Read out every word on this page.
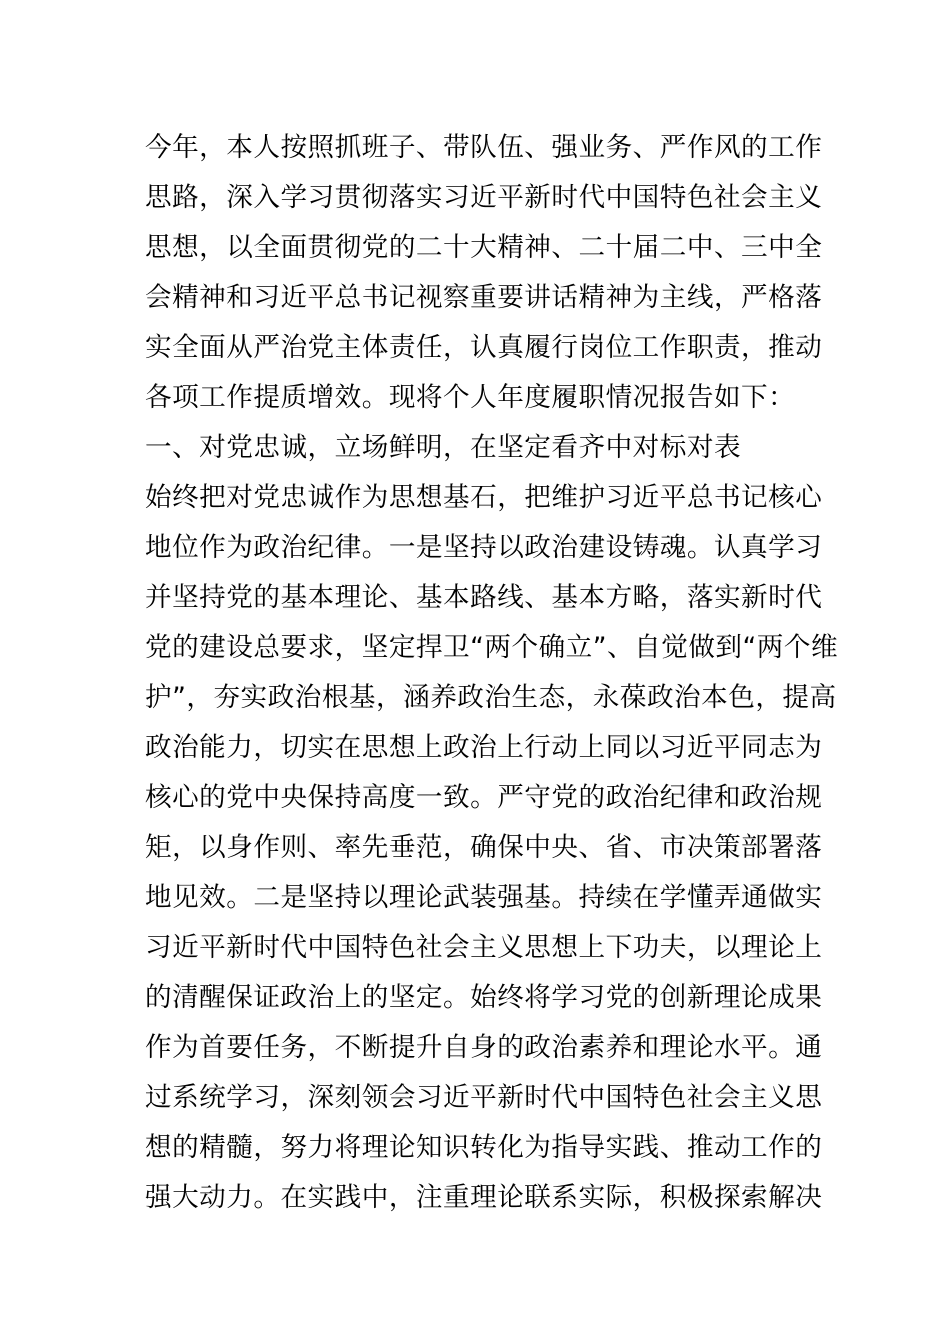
今年，本人按照抓班子、带队伍、强业务、严作风的工作
思路，深入学习贯彻落实习近平新时代中国特色社会主义
思想，以全面贯彻党的二十大精神、二十届二中、三中全
会精神和习近平总书记视察重要讲话精神为主线，严格落
实全面从严治党主体责任，认真履行岗位工作职责，推动
各项工作提质增效。现将个人年度履职情况报告如下：
一、对党忠诚，立场鲜明，在坚定看齐中对标对表
始终把对党忠诚作为思想基石，把维护习近平总书记核心
地位作为政治纪律。一是坚持以政治建设铸魂。认真学习
并坚持党的基本理论、基本路线、基本方略，落实新时代
党的建设总要求，坚定捍卫“两个确立”、自觉做到“两个维
护”，夯实政治根基，涵养政治生态，永葆政治本色，提高
政治能力，切实在思想上政治上行动上同以习近平同志为
核心的党中央保持高度一致。严守党的政治纪律和政治规
矩，以身作则、率先垂范，确保中央、省、市决策部署落
地见效。二是坚持以理论武装强基。持续在学懂弄通做实
习近平新时代中国特色社会主义思想上下功夫，以理论上
的清醒保证政治上的坚定。始终将学习党的创新理论成果
作为首要任务，不断提升自身的政治素养和理论水平。通
过系统学习，深刻领会习近平新时代中国特色社会主义思
想的精髓，努力将理论知识转化为指导实践、推动工作的
强大动力。在实践中，注重理论联系实际，积极探索解决
